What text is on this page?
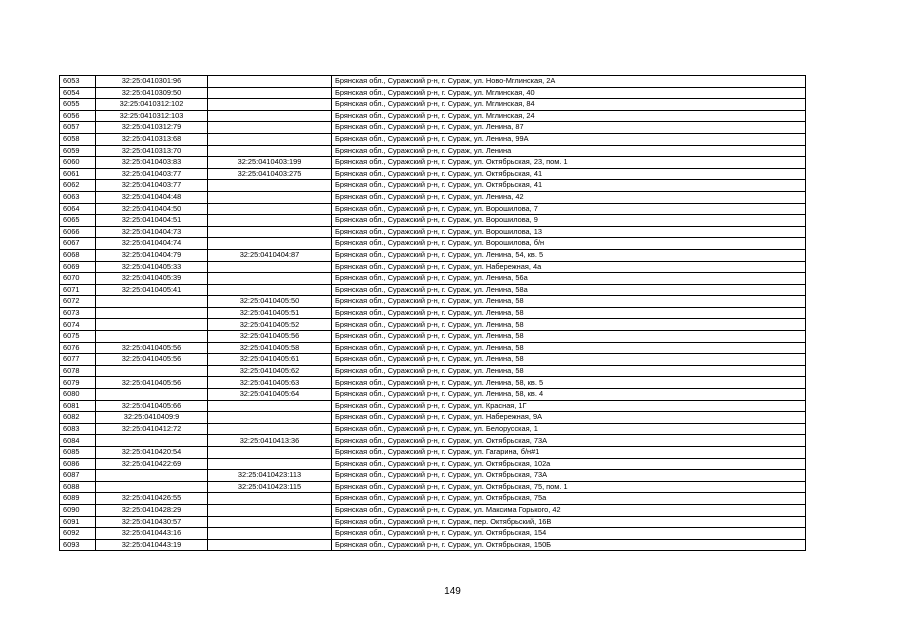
6053	32:25:0410301:96		Брянская обл., Суражский р-н, г. Сураж, ул. Ново-Мглинская, 2А
6054	32:25:0410309:50		Брянская обл., Суражский р-н, г. Сураж, ул. Мглинская, 40
6055	32:25:0410312:102		Брянская обл., Суражский р-н, г. Сураж, ул. Мглинская, 84
6056	32:25:0410312:103		Брянская обл., Суражский р-н, г. Сураж, ул. Мглинская, 24
6057	32:25:0410312:79		Брянская обл., Суражский р-н, г. Сураж, ул. Ленина, 87
6058	32:25:0410313:68		Брянская обл., Суражский р-н, г. Сураж, ул. Ленина, 99А
6059	32:25:0410313:70		Брянская обл., Суражский р-н, г. Сураж, ул. Ленина
6060	32:25:0410403:83	32:25:0410403:199	Брянская обл., Суражский р-н, г. Сураж, ул. Октябрьская, 23, пом. 1
6061	32:25:0410403:77	32:25:0410403:275	Брянская обл., Суражский р-н, г. Сураж, ул. Октябрьская, 41
6062	32:25:0410403:77		Брянская обл., Суражский р-н, г. Сураж, ул. Октябрьская, 41
6063	32:25:0410404:48		Брянская обл., Суражский р-н, г. Сураж, ул. Ленина, 42
6064	32:25:0410404:50		Брянская обл., Суражский р-н, г. Сураж, ул. Ворошилова, 7
6065	32:25:0410404:51		Брянская обл., Суражский р-н, г. Сураж, ул. Ворошилова, 9
6066	32:25:0410404:73		Брянская обл., Суражский р-н, г. Сураж, ул. Ворошилова, 13
6067	32:25:0410404:74		Брянская обл., Суражский р-н, г. Сураж, ул. Ворошилова, б/н
6068	32:25:0410404:79	32:25:0410404:87	Брянская обл., Суражский р-н, г. Сураж, ул. Ленина, 54, кв. 5
6069	32:25:0410405:33		Брянская обл., Суражский р-н, г. Сураж, ул. Набережная, 4а
6070	32:25:0410405:39		Брянская обл., Суражский р-н, г. Сураж, ул. Ленина, 56а
6071	32:25:0410405:41		Брянская обл., Суражский р-н, г. Сураж, ул. Ленина, 58а
6072		32:25:0410405:50	Брянская обл., Суражский р-н, г. Сураж, ул. Ленина, 58
6073		32:25:0410405:51	Брянская обл., Суражский р-н, г. Сураж, ул. Ленина, 58
6074		32:25:0410405:52	Брянская обл., Суражский р-н, г. Сураж, ул. Ленина, 58
6075		32:25:0410405:56	Брянская обл., Суражский р-н, г. Сураж, ул. Ленина, 58
6076	32:25:0410405:56	32:25:0410405:58	Брянская обл., Суражский р-н, г. Сураж, ул. Ленина, 58
6077	32:25:0410405:56	32:25:0410405:61	Брянская обл., Суражский р-н, г. Сураж, ул. Ленина, 58
6078		32:25:0410405:62	Брянская обл., Суражский р-н, г. Сураж, ул. Ленина, 58
6079	32:25:0410405:56	32:25:0410405:63	Брянская обл., Суражский р-н, г. Сураж, ул. Ленина, 58, кв. 5
6080		32:25:0410405:64	Брянская обл., Суражский р-н, г. Сураж, ул. Ленина, 58, кв. 4
6081	32:25:0410405:66		Брянская обл., Суражский р-н, г. Сураж, ул. Красная, 1Г
6082	32:25:0410409:9		Брянская обл., Суражский р-н, г. Сураж, ул. Набережная, 9А
6083	32:25:0410412:72		Брянская обл., Суражский р-н, г. Сураж, ул. Белорусская, 1
6084		32:25:0410413:36	Брянская обл., Суражский р-н, г. Сураж, ул. Октябрьская, 73А
6085	32:25:0410420:54		Брянская обл., Суражский р-н, г. Сураж, ул. Гагарина, б/н#1
6086	32:25:0410422:69		Брянская обл., Суражский р-н, г. Сураж, ул. Октябрьская, 102а
6087		32:25:0410423:113	Брянская обл., Суражский р-н, г. Сураж, ул. Октябрьская, 73А
6088		32:25:0410423:115	Брянская обл., Суражский р-н, г. Сураж, ул. Октябрьская, 75, пом. 1
6089	32:25:0410426:55		Брянская обл., Суражский р-н, г. Сураж, ул. Октябрьская, 75а
6090	32:25:0410428:29		Брянская обл., Суражский р-н, г. Сураж, ул. Максима Горького, 42
6091	32:25:0410430:57		Брянская обл., Суражский р-н, г. Сураж, пер. Октябрьский, 16В
6092	32:25:0410443:16		Брянская обл., Суражский р-н, г. Сураж, ул. Октябрьская, 154
6093	32:25:0410443:19		Брянская обл., Суражский р-н, г. Сураж, ул. Октябрьская, 150Б
149
